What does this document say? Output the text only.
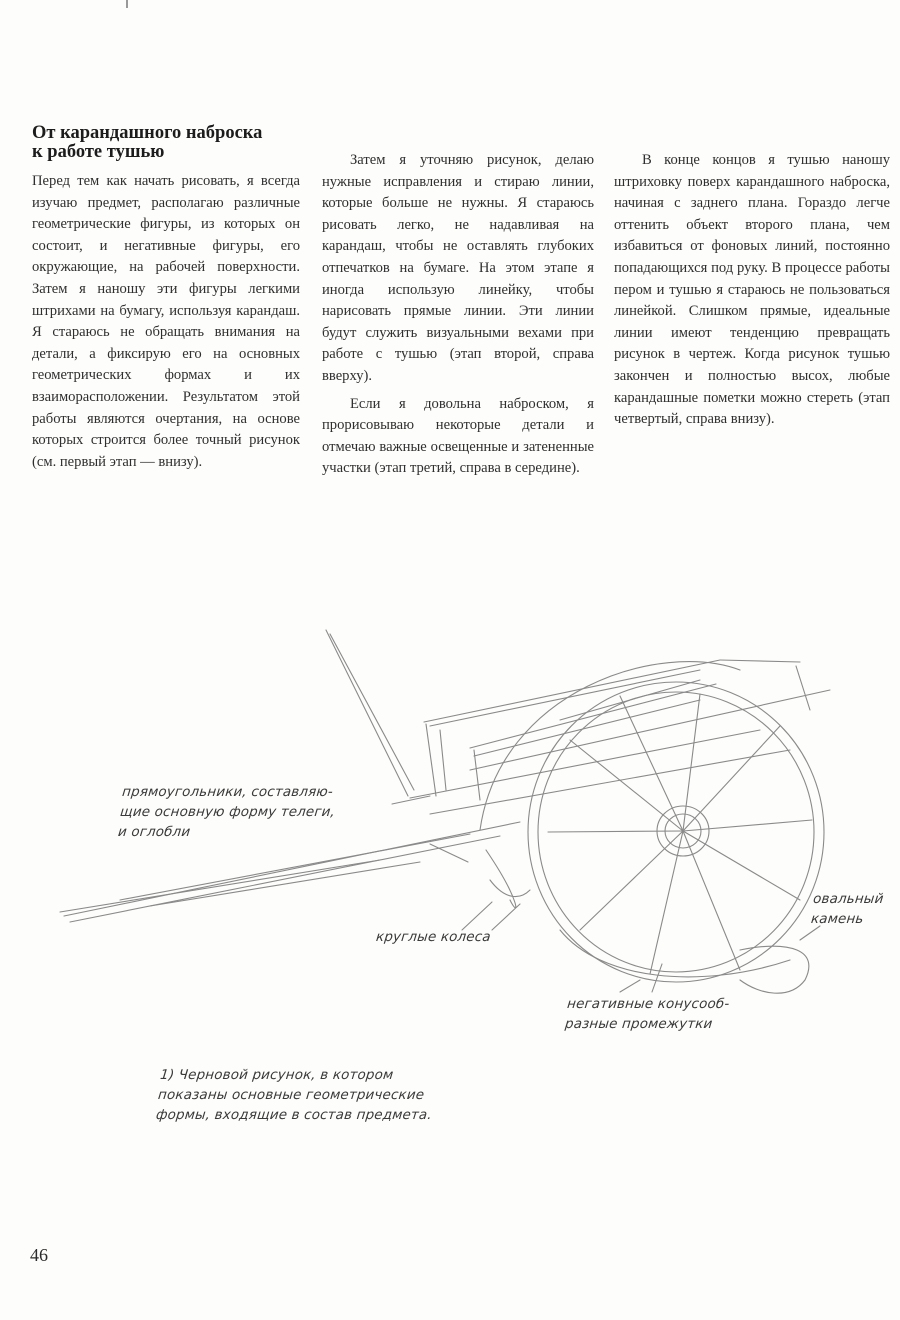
От карандашного наброска
к работе тушью

Перед тем как начать рисовать, я всегда изучаю предмет, располагаю различные геометрические фигуры, из которых он состоит, и негативные фигуры, его окружающие, на рабочей поверхности. Затем я наношу эти фигуры легкими штрихами на бумагу, используя карандаш. Я стараюсь не обращать внимания на детали, а фиксирую его на основных геометрических формах и их взаиморасположении. Результатом этой работы являются очертания, на основе которых строится более точный рисунок (см. первый этап — внизу).

Затем я уточняю рисунок, делаю нужные исправления и стираю линии, которые больше не нужны. Я стараюсь рисовать легко, не надавливая на карандаш, чтобы не оставлять глубоких отпечатков на бумаге. На этом этапе я иногда использую линейку, чтобы нарисовать прямые линии. Эти линии будут служить визуальными вехами при работе с тушью (этап второй, справа вверху).

Если я довольна наброском, я прорисовываю некоторые детали и отмечаю важные освещенные и затененные участки (этап третий, справа в середине).

В конце концов я тушью наношу штриховку поверх карандашного наброска, начиная с заднего плана. Гораздо легче оттенить объект второго плана, чем избавиться от фоновых линий, постоянно попадающихся под руку. В процессе работы пером и тушью я стараюсь не пользоваться линейкой. Слишком прямые, идеальные линии имеют тенденцию превращать рисунок в чертеж. Когда рисунок тушью закончен и полностью высох, любые карандашные пометки можно стереть (этап четвертый, справа внизу).

прямоугольники, составляю-
щие основную форму телеги,
и оглобли
круглые колеса
овальный
камень
негативные конусооб-
разные промежутки
1) Черновой рисунок, в котором
показаны основные геометрические
формы, входящие в состав предмета.
46
